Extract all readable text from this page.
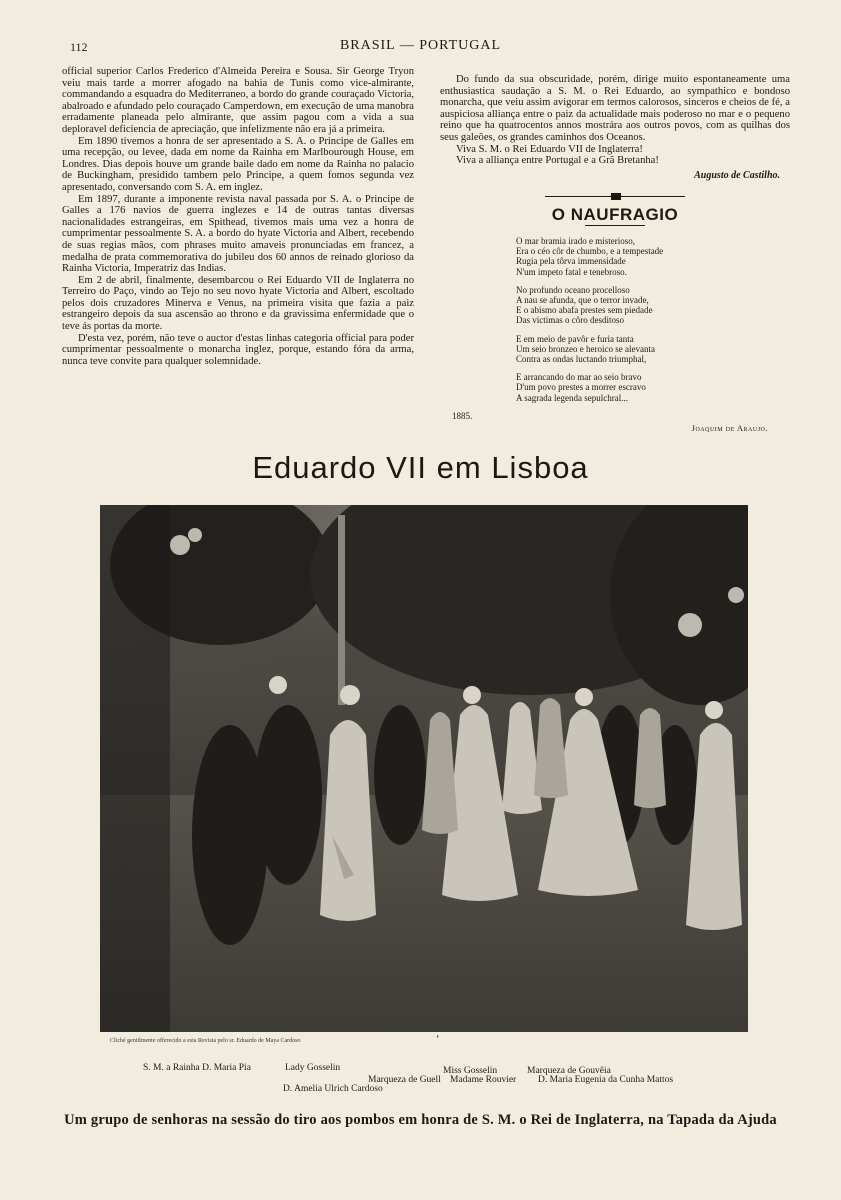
112	BRASIL — PORTUGAL

official superior Carlos Frederico d'Almeida Pereira e Sousa. Sir George Tryon veiu mais tarde a morrer afogado na bahia de Tunis como vice-almirante, commandando a esquadra do Mediterraneo, a bordo do grande couraçado Victoria, abalroado e afundado pelo couraçado Camperdown, em execução de uma manobra erradamente planeada pelo almirante, que assim pagou com a vida a sua deploravel deficiencia de apreciação, que infelizmente não era já a primeira.

Em 1890 tivemos a honra de ser apresentado a S. A. o Principe de Galles em uma recepção, ou levee, dada em nome da Rainha em Marlbourough House, em Londres. Dias depois houve um grande baile dado em nome da Rainha no palacio de Buckingham, presidido tambem pelo Principe, a quem fomos segunda vez apresentado, conversando com S. A. em inglez.

Em 1897, durante a imponente revista naval passada por S. A. o Principe de Galles a 176 navios de guerra inglezes e 14 de outras tantas diversas nacionalidades estrangeiras, em Spithead, tivemos mais uma vez a honra de cumprimentar pessoalmente S. A. a bordo do hyate Victoria and Albert, recebendo de suas regias mãos, com phrases muito amaveis pronunciadas em francez, a medalha de prata commemorativa do jubileu dos 60 annos de reinado glorioso da Rainha Victoria, Imperatriz das Indias.

Em 2 de abril, finalmente, desembarcou o Rei Eduardo VII de Inglaterra no Terreiro do Paço, vindo ao Tejo no seu novo hyate Victoria and Albert, escoltado pelos dois cruzadores Minerva e Venus, na primeira visita que fazia a paiz estrangeiro depois da sua ascensão ao throno e da gravissima enfermidade que o teve ás portas da morte.

D'esta vez, porém, não teve o auctor d'estas linhas categoria official para poder cumprimentar pessoalmente o monarcha inglez, porque, estando fóra da arma, nunca teve convite para qualquer solemnidade.

Do fundo da sua obscuridade, porém, dirige muito espontaneamente uma enthusiastica saudação a S. M. o Rei Eduardo, ao sympathico e bondoso monarcha, que veiu assim avigorar em termos calorosos, sinceros e cheios de fé, a auspiciosa alliança entre o paiz da actualidade mais poderoso no mar e o pequeno reino que ha quatrocentos annos mostrára aos outros povos, com as quilhas dos seus galeões, os grandes caminhos dos Oceanos.

Viva S. M. o Rei Eduardo VII de Inglaterra!

Viva a alliança entre Portugal e a Grã Bretanha!

Augusto de Castilho.
O NAUFRAGIO
O mar bramia irado e misterioso,
Era o céo côr de chumbo, e a tempestade
Rugia pela tôrva immensidade
N'um impeto fatal e tenebroso.
No profundo oceano procelloso
A nau se afunda, que o terror invade,
E o abismo abafa prestes sem piedade
Das victimas o côro desditoso
E em meio de pavôr e furia tanta
Um seio bronzeo e heroico se alevanta
Contra as ondas luctando triumphal,
E arrancando do mar ao seio bravo
D'um povo prestes a morrer escravo
A sagrada legenda sepulchral...
1885.
Joaquim de Araujo.
Eduardo VII em Lisboa
Cliché gentilmente offerecido a esta Revista pelo sr. Eduardo de Maya Cardoso	ʻ
S. M. a Rainha D. Maria Pia	Lady Gosselin	Miss Gosselin	Marqueza de Gouvêia
Marqueza de Guell Madame Rouvier D. Maria Eugenia da Cunha Mattos
D. Amelia Ulrich Cardoso
Um grupo de senhoras na sessão do tiro aos pombos em honra de S. M. o Rei de Inglaterra, na Tapada da Ajuda
